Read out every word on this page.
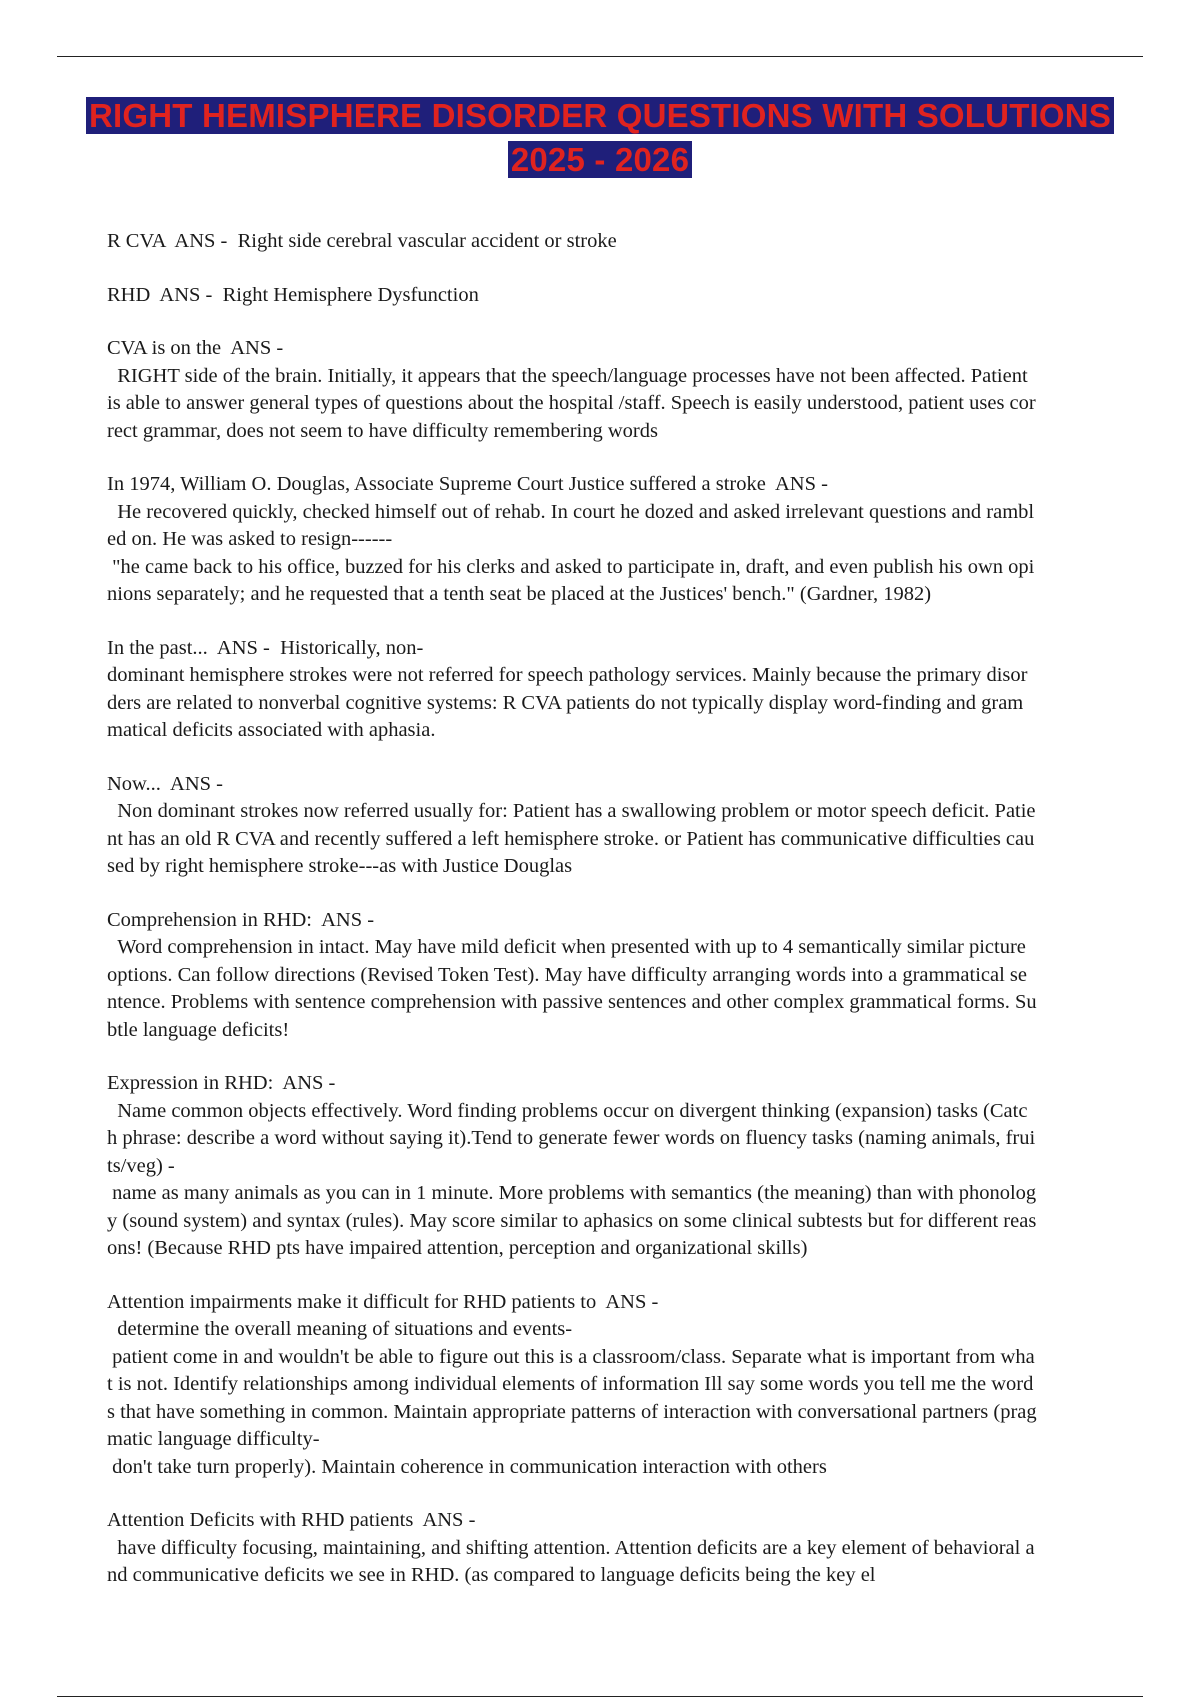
RIGHT HEMISPHERE DISORDER QUESTIONS WITH SOLUTIONS 2025 - 2026

R CVA  ANS -  Right side cerebral vascular accident or stroke

RHD  ANS -  Right Hemisphere Dysfunction

CVA is on the  ANS -

RIGHT side of the brain. Initially, it appears that the speech/language processes have not been affected. Patient is able to answer general types of questions about the hospital /staff. Speech is easily understood, patient uses correct grammar, does not seem to have difficulty remembering words

In 1974, William O. Douglas, Associate Supreme Court Justice suffered a stroke  ANS -

He recovered quickly, checked himself out of rehab. In court he dozed and asked irrelevant questions and rambled on. He was asked to resign------
"he came back to his office, buzzed for his clerks and asked to participate in, draft, and even publish his own opinions separately; and he requested that a tenth seat be placed at the Justices' bench." (Gardner, 1982)

In the past...  ANS -  Historically, non-

dominant hemisphere strokes were not referred for speech pathology services. Mainly because the primary disorders are related to nonverbal cognitive systems: R CVA patients do not typically display word-finding and grammatical deficits associated with aphasia.

Now...  ANS -

Non dominant strokes now referred usually for: Patient has a swallowing problem or motor speech deficit. Patient has an old R CVA and recently suffered a left hemisphere stroke. or Patient has communicative difficulties caused by right hemisphere stroke---as with Justice Douglas

Comprehension in RHD:  ANS -

Word comprehension in intact. May have mild deficit when presented with up to 4 semantically similar picture options. Can follow directions (Revised Token Test). May have difficulty arranging words into a grammatical sentence. Problems with sentence comprehension with passive sentences and other complex grammatical forms. Subtle language deficits!

Expression in RHD:  ANS -

Name common objects effectively. Word finding problems occur on divergent thinking (expansion) tasks (Catch phrase: describe a word without saying it).Tend to generate fewer words on fluency tasks (naming animals, fruits/veg) -
name as many animals as you can in 1 minute. More problems with semantics (the meaning) than with phonology (sound system) and syntax (rules). May score similar to aphasics on some clinical subtests but for different reasons! (Because RHD pts have impaired attention, perception and organizational skills)

Attention impairments make it difficult for RHD patients to  ANS -

determine the overall meaning of situations and events-
patient come in and wouldn't be able to figure out this is a classroom/class. Separate what is important from what is not. Identify relationships among individual elements of information Ill say some words you tell me the words that have something in common. Maintain appropriate patterns of interaction with conversational partners (pragmatic language difficulty-
don't take turn properly). Maintain coherence in communication interaction with others

Attention Deficits with RHD patients  ANS -

have difficulty focusing, maintaining, and shifting attention. Attention deficits are a key element of behavioral and communicative deficits we see in RHD. (as compared to language deficits being the key el
